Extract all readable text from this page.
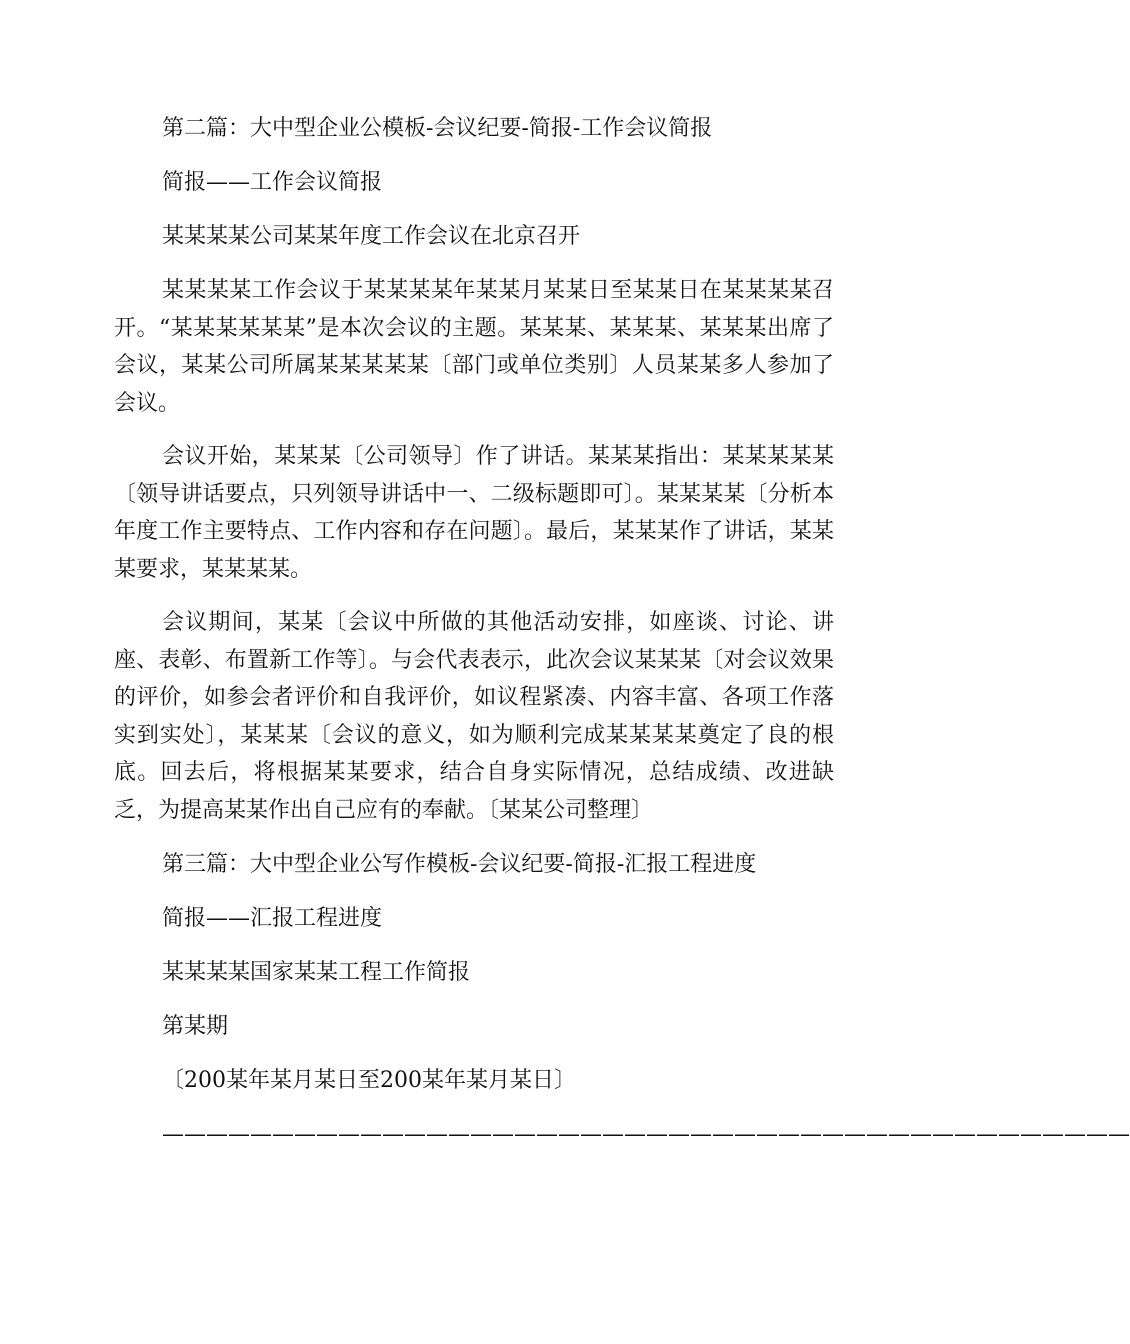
第二篇：大中型企业公模板-会议纪要-简报-工作会议简报

简报——工作会议简报

某某某某公司某某年度工作会议在北京召开

某某某某工作会议于某某某某年某某月某某日至某某日在某某某某召开。“某某某某某某”是本次会议的主题。某某某、某某某、某某某出席了会议，某某公司所属某某某某某〔部门或单位类别〕人员某某多人参加了会议。

会议开始，某某某〔公司领导〕作了讲话。某某某指出：某某某某某〔领导讲话要点，只列领导讲话中一、二级标题即可〕。某某某某〔分析本年度工作主要特点、工作内容和存在问题〕。最后，某某某作了讲话，某某某要求，某某某某。

会议期间，某某〔会议中所做的其他活动安排，如座谈、讨论、讲座、表彰、布置新工作等〕。与会代表表示，此次会议某某某〔对会议效果的评价，如参会者评价和自我评价，如议程紧凑、内容丰富、各项工作落实到实处〕，某某某〔会议的意义，如为顺利完成某某某某奠定了良的根底。回去后，将根据某某要求，结合自身实际情况，总结成绩、改进缺乏，为提高某某作出自己应有的奉献。〔某某公司整理〕

第三篇：大中型企业公写作模板-会议纪要-简报-汇报工程进度

简报——汇报工程进度

某某某某国家某某工程工作简报

第某期

〔200某年某月某日至200某年某月某日〕

————————————————————————————————————————————
